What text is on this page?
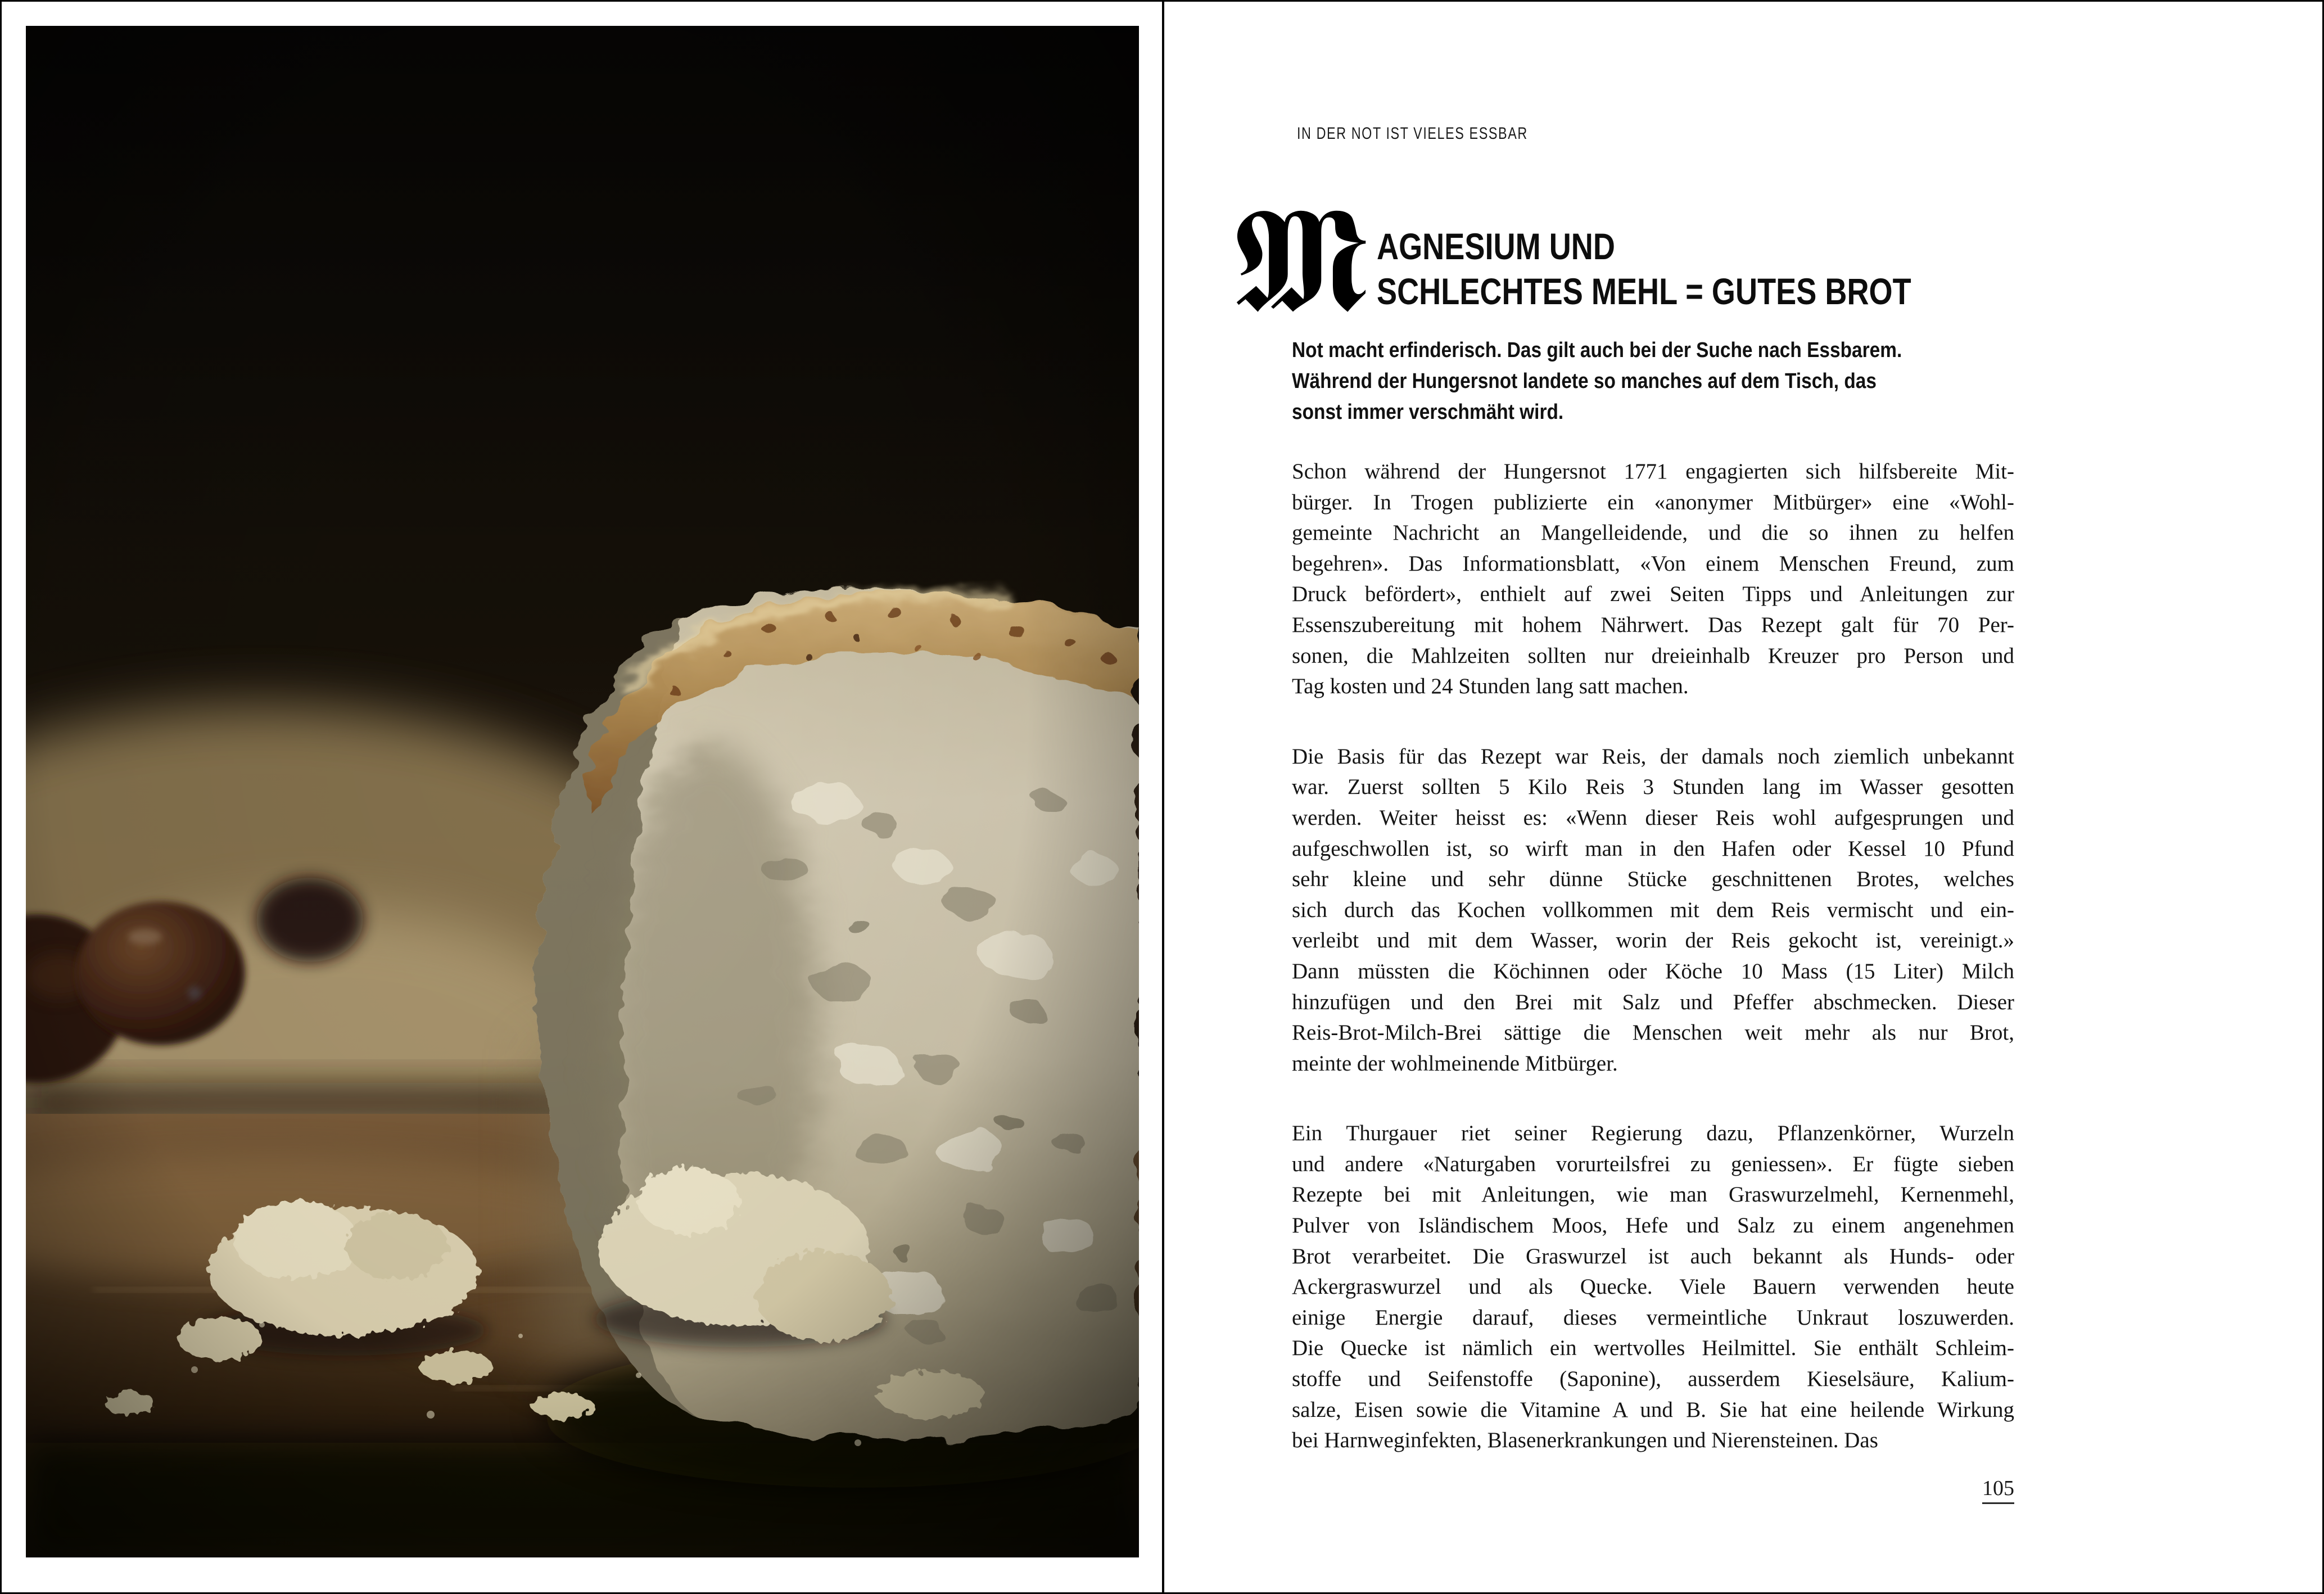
IN DER NOT IST VIELES ESSBAR
𝕸 AGNESIUM UND
SCHLECHTES MEHL = GUTES BROT
Not macht erfinderisch. Das gilt auch bei der Suche nach Essbarem.
Während der Hungersnot landete so manches auf dem Tisch, das
sonst immer verschmäht wird.
Schon während der Hungersnot 1771 engagierten sich hilfsbereite Mit-
bürger. In Trogen publizierte ein «anonymer Mitbürger» eine «Wohl-
gemeinte Nachricht an Mangelleidende, und die so ihnen zu helfen
begehren». Das Informationsblatt, «Von einem Menschen Freund, zum
Druck befördert», enthielt auf zwei Seiten Tipps und Anleitungen zur
Essenszubereitung mit hohem Nährwert. Das Rezept galt für 70 Per-
sonen, die Mahlzeiten sollten nur dreieinhalb Kreuzer pro Person und
Tag kosten und 24 Stunden lang satt machen.
Die Basis für das Rezept war Reis, der damals noch ziemlich unbekannt
war. Zuerst sollten 5 Kilo Reis 3 Stunden lang im Wasser gesotten
werden. Weiter heisst es: «Wenn dieser Reis wohl aufgesprungen und
aufgeschwollen ist, so wirft man in den Hafen oder Kessel 10 Pfund
sehr kleine und sehr dünne Stücke geschnittenen Brotes, welches
sich durch das Kochen vollkommen mit dem Reis vermischt und ein-
verleibt und mit dem Wasser, worin der Reis gekocht ist, vereinigt.»
Dann müssten die Köchinnen oder Köche 10 Mass (15 Liter) Milch
hinzufügen und den Brei mit Salz und Pfeffer abschmecken. Dieser
Reis-Brot-Milch-Brei sättige die Menschen weit mehr als nur Brot,
meinte der wohlmeinende Mitbürger.
Ein Thurgauer riet seiner Regierung dazu, Pflanzenkörner, Wurzeln
und andere «Naturgaben vorurteilsfrei zu geniessen». Er fügte sieben
Rezepte bei mit Anleitungen, wie man Graswurzelmehl, Kernenmehl,
Pulver von Isländischem Moos, Hefe und Salz zu einem angenehmen
Brot verarbeitet. Die Graswurzel ist auch bekannt als Hunds- oder
Ackergraswurzel und als Quecke. Viele Bauern verwenden heute
einige Energie darauf, dieses vermeintliche Unkraut loszuwerden.
Die Quecke ist nämlich ein wertvolles Heilmittel. Sie enthält Schleim-
stoffe und Seifenstoffe (Saponine), ausserdem Kieselsäure, Kalium-
salze, Eisen sowie die Vitamine A und B. Sie hat eine heilende Wirkung
bei Harnweginfekten, Blasenerkrankungen und Nierensteinen. Das
105
